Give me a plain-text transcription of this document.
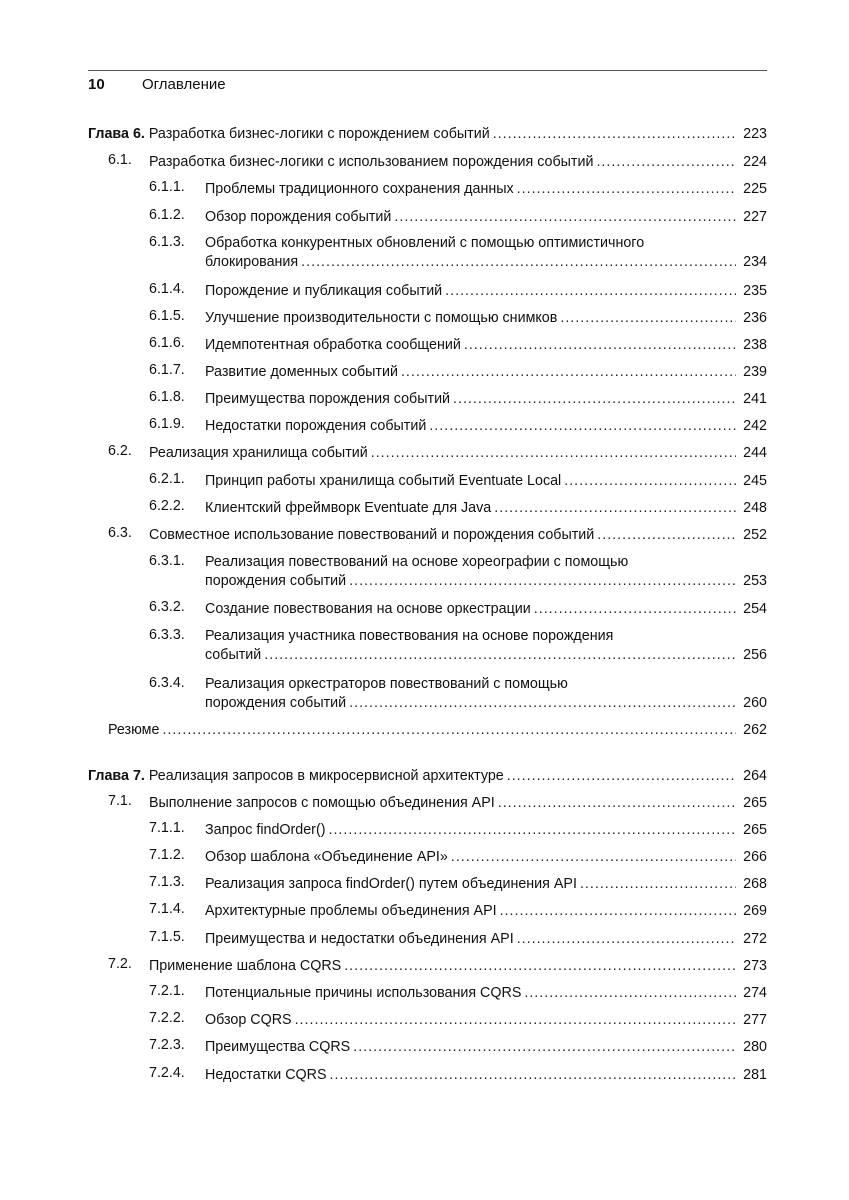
10 Оглавление
Глава 6. Разработка бизнес-логики с порождением событий .....	223
6.1. Разработка бизнес-логики с использованием порождения событий .....	224
6.1.1. Проблемы традиционного сохранения данных .....	225
6.1.2. Обзор порождения событий .....	227
6.1.3. Обработка конкурентных обновлений с помощью оптимистичного
блокирования .....	234
6.1.4. Порождение и публикация событий .....	235
6.1.5. Улучшение производительности с помощью снимков .....	236
6.1.6. Идемпотентная обработка сообщений .....	238
6.1.7. Развитие доменных событий .....	239
6.1.8. Преимущества порождения событий .....	241
6.1.9. Недостатки порождения событий .....	242
6.2. Реализация хранилища событий .....	244
6.2.1. Принцип работы хранилища событий Eventuate Local .....	245
6.2.2. Клиентский фреймворк Eventuate для Java .....	248
6.3. Совместное использование повествований и порождения событий .....	252
6.3.1. Реализация повествований на основе хореографии с помощью
порождения событий .....	253
6.3.2. Создание повествования на основе оркестрации .....	254
6.3.3. Реализация участника повествования на основе порождения
событий .....	256
6.3.4. Реализация оркестраторов повествований с помощью
порождения событий .....	260
Резюме .....	262
Глава 7. Реализация запросов в микросервисной архитектуре .....	264
7.1. Выполнение запросов с помощью объединения API .....	265
7.1.1. Запрос findOrder() .....	265
7.1.2. Обзор шаблона «Объединение API» .....	266
7.1.3. Реализация запроса findOrder() путем объединения API .....	268
7.1.4. Архитектурные проблемы объединения API .....	269
7.1.5. Преимущества и недостатки объединения API .....	272
7.2. Применение шаблона CQRS .....	273
7.2.1. Потенциальные причины использования CQRS .....	274
7.2.2. Обзор CQRS .....	277
7.2.3. Преимущества CQRS .....	280
7.2.4. Недостатки CQRS .....	281
